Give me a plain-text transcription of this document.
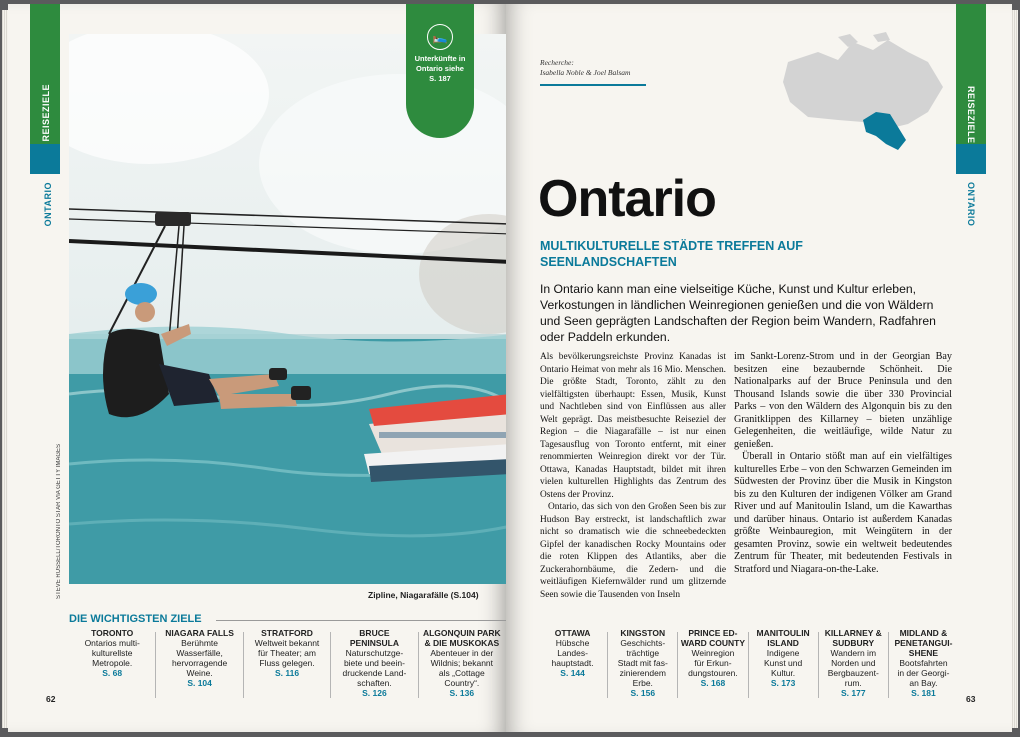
REISEZIELE
ONTARIO
STEVE RUSSELL/TORONTO STAR VIA GETTY IMAGES	Zipline, Niagarafälle (S.104)
🛌
Unterkünfte in
Ontario siehe
S. 187
DIE WICHTIGSTEN ZIELE
TORONTO
Ontarios multi-
kulturellste
Metropole.
S. 68
NIAGARA FALLS
Berühmte
Wasserfälle,
hervorragende
Weine.
S. 104
STRATFORD
Weltweit bekannt
für Theater; am
Fluss gelegen.
S. 116
BRUCE
PENINSULA
Naturschutzge-
biete und beein-
druckende Land-
schaften.
S. 126
ALGONQUIN PARK
& DIE MUSKOKAS
Abenteuer in der
Wildnis; bekannt
als „Cottage
Country“.
S. 136
62
REISEZIELE
ONTARIO
Recherche:
Isabella Noble & Joel Balsam
Ontario
MULTIKULTURELLE STÄDTE TREFFEN AUF SEENLANDSCHAFTEN
In Ontario kann man eine vielseitige Küche, Kunst und Kultur erleben, Verkostungen in ländlichen Weinregionen genießen und die von Wäldern und Seen geprägten Landschaften der Region beim Wandern, Radfahren oder Paddeln erkunden.

Als bevölkerungsreichste Provinz Kanadas ist Ontario Heimat von mehr als 16 Mio. Menschen. Die größte Stadt, Toronto, zählt zu den vielfältigsten überhaupt: Essen, Musik, Kunst und Nachtleben sind von Einflüssen aus aller Welt geprägt. Das meistbesuchte Reiseziel der Region – die Niagarafälle – ist nur einen Tagesausflug von Toronto entfernt, mit einer renommierten Weinregion direkt vor der Tür. Ottawa, Kanadas Hauptstadt, bildet mit ihren vielen kulturellen Highlights das Zentrum des Ostens der Provinz.

Ontario, das sich von den Großen Seen bis zur Hudson Bay erstreckt, ist landschaftlich zwar nicht so dramatisch wie die schneebedeckten Gipfel der kanadischen Rocky Mountains oder die roten Klippen des Atlantiks, aber die Zuckerahornbäume, die Zedern- und die weitläufigen Kiefernwälder rund um glitzernde Seen sowie die Tausenden von Inseln

im Sankt-Lorenz-Strom und in der Georgian Bay besitzen eine bezaubernde Schönheit. Die Nationalparks auf der Bruce Peninsula und den Thousand Islands sowie die über 330 Provincial Parks – von den Wäldern des Algonquin bis zu den Granitklippen des Killarney – bieten unzählige Gelegenheiten, die weitläufige, wilde Natur zu genießen.

Überall in Ontario stößt man auf ein vielfältiges kulturelles Erbe – von den Schwarzen Gemeinden im Südwesten der Provinz über die Musik in Kingston bis zu den Kulturen der indigenen Völker am Grand River und auf Manitoulin Island, um die Kawarthas und darüber hinaus. Ontario ist außerdem Kanadas größte Weinbauregion, mit Weingütern in der gesamten Provinz, sowie ein weltweit bedeutendes Zentrum für Theater, mit bedeutenden Festivals in Stratford und Niagara-on-the-Lake.

OTTAWA
Hübsche
Landes-
hauptstadt.
S. 144
KINGSTON
Geschichts-
trächtige
Stadt mit fas-
zinierendem
Erbe.
S. 156
PRINCE ED-
WARD COUNTY
Weinregion
für Erkun-
dungstouren.
S. 168
MANITOULIN
ISLAND
Indigene
Kunst und
Kultur.
S. 173
KILLARNEY &
SUDBURY
Wandern im
Norden und
Bergbauzent-
rum.
S. 177
MIDLAND &
PENETANGUI-
SHENE
Bootsfahrten
in der Georgi-
an Bay.
S. 181
63
